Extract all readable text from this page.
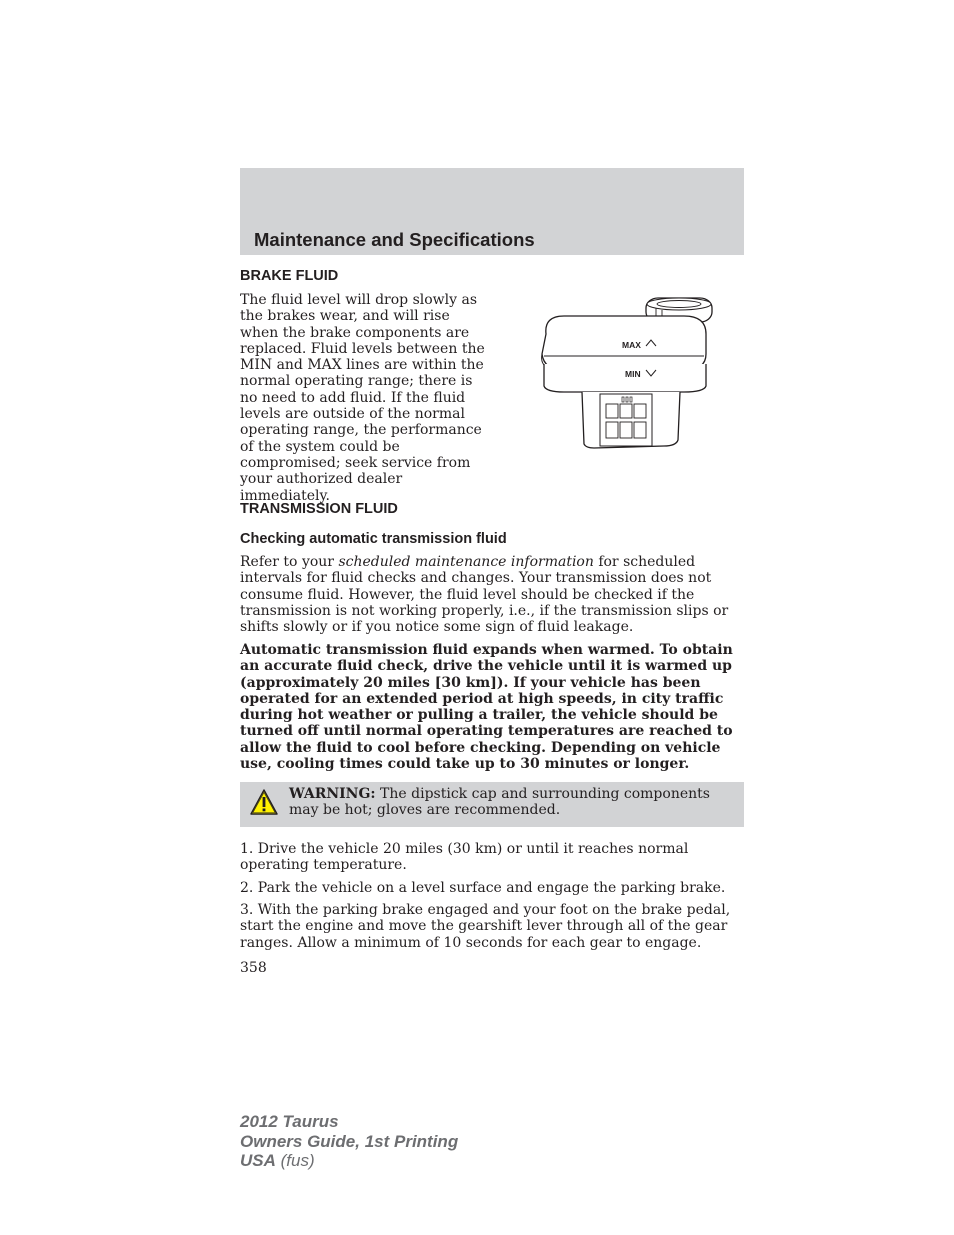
Maintenance and Specifications
BRAKE FLUID

The fluid level will drop slowly as the brakes wear, and will rise when the brake components are replaced. Fluid levels between the MIN and MAX lines are within the normal operating range; there is no need to add fluid. If the fluid levels are outside of the normal operating range, the performance of the system could be compromised; seek service from your authorized dealer immediately.

MAX
MIN
TRANSMISSION FLUID
Checking automatic transmission fluid

Refer to your scheduled maintenance information for scheduled intervals for fluid checks and changes. Your transmission does not consume fluid. However, the fluid level should be checked if the transmission is not working properly, i.e., if the transmission slips or shifts slowly or if you notice some sign of fluid leakage.

Automatic transmission fluid expands when warmed. To obtain an accurate fluid check, drive the vehicle until it is warmed up (approximately 20 miles [30 km]). If your vehicle has been operated for an extended period at high speeds, in city traffic during hot weather or pulling a trailer, the vehicle should be turned off until normal operating temperatures are reached to allow the fluid to cool before checking. Depending on vehicle use, cooling times could take up to 30 minutes or longer.

WARNING: The dipstick cap and surrounding components may be hot; gloves are recommended.

1. Drive the vehicle 20 miles (30 km) or until it reaches normal operating temperature.

2. Park the vehicle on a level surface and engage the parking brake.

3. With the parking brake engaged and your foot on the brake pedal, start the engine and move the gearshift lever through all of the gear ranges. Allow a minimum of 10 seconds for each gear to engage.

358
2012 Taurus
Owners Guide, 1st Printing
USA (fus)
